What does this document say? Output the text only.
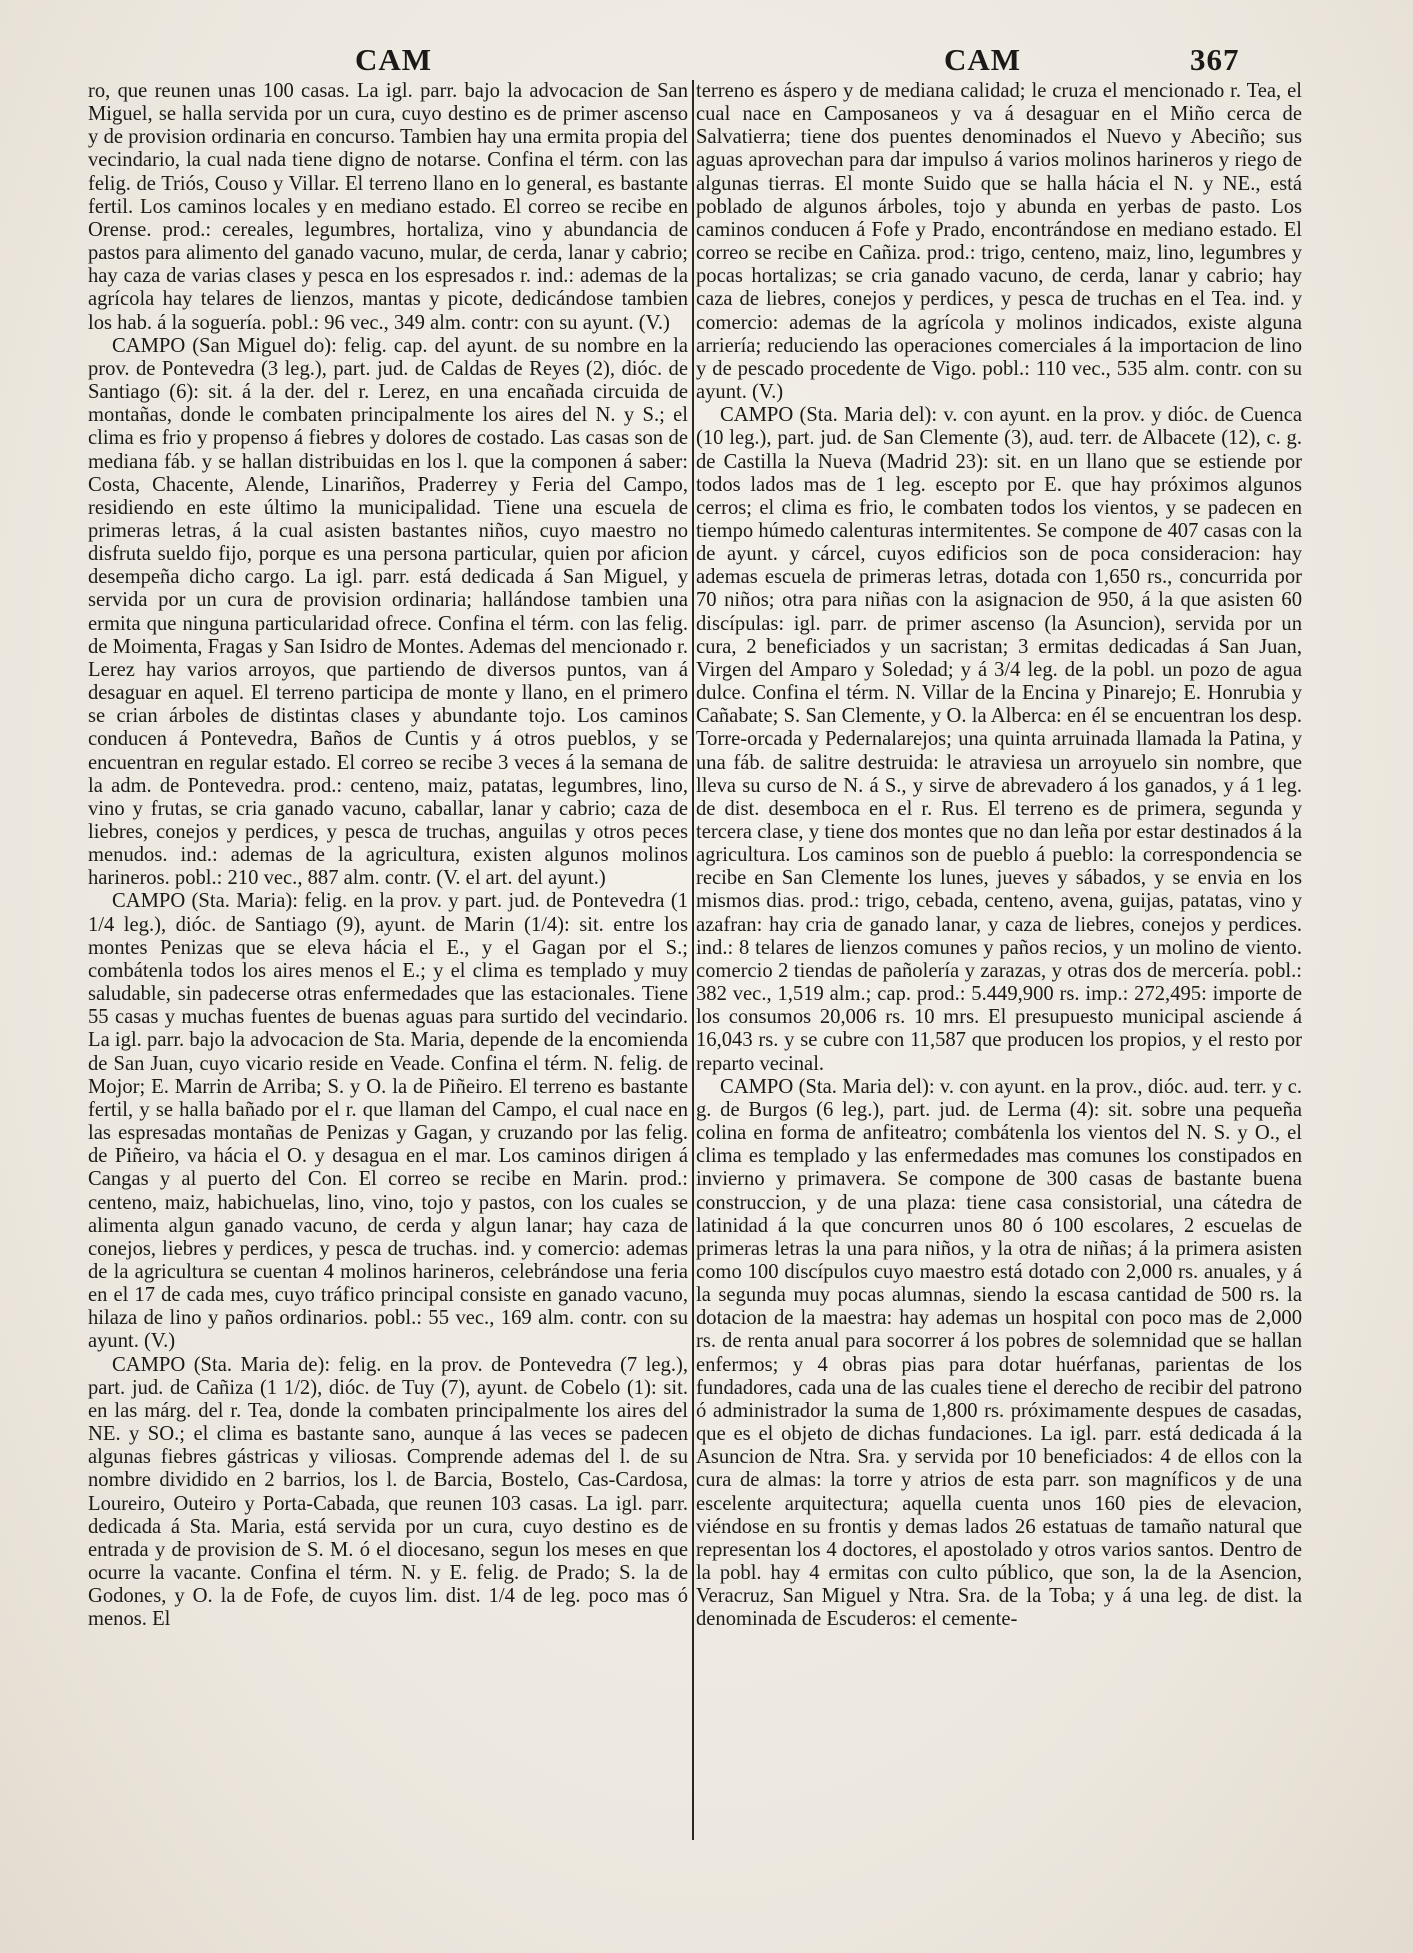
CAM	CAM	367

ro, que reunen unas 100 casas. La igl. parr. bajo la advocacion de San Miguel, se halla servida por un cura, cuyo destino es de primer ascenso y de provision ordinaria en concurso. Tambien hay una ermita propia del vecindario, la cual nada tiene digno de notarse. Confina el térm. con las felig. de Triós, Couso y Villar. El terreno llano en lo general, es bastante fertil. Los caminos locales y en mediano estado. El correo se recibe en Orense. prod.: cereales, legumbres, hortaliza, vino y abundancia de pastos para alimento del ganado vacuno, mular, de cerda, lanar y cabrio; hay caza de varias clases y pesca en los espresados r. ind.: ademas de la agrícola hay telares de lienzos, mantas y picote, dedicándose tambien los hab. á la soguería. pobl.: 96 vec., 349 alm. contr: con su ayunt. (V.)

CAMPO (San Miguel do): felig. cap. del ayunt. de su nombre en la prov. de Pontevedra (3 leg.), part. jud. de Caldas de Reyes (2), dióc. de Santiago (6): sit. á la der. del r. Lerez, en una encañada circuida de montañas, donde le combaten principalmente los aires del N. y S.; el clima es frio y propenso á fiebres y dolores de costado. Las casas son de mediana fáb. y se hallan distribuidas en los l. que la componen á saber: Costa, Chacente, Alende, Linariños, Praderrey y Feria del Campo, residiendo en este último la municipalidad. Tiene una escuela de primeras letras, á la cual asisten bastantes niños, cuyo maestro no disfruta sueldo fijo, porque es una persona particular, quien por aficion desempeña dicho cargo. La igl. parr. está dedicada á San Miguel, y servida por un cura de provision ordinaria; hallándose tambien una ermita que ninguna particularidad ofrece. Confina el térm. con las felig. de Moimenta, Fragas y San Isidro de Montes. Ademas del mencionado r. Lerez hay varios arroyos, que partiendo de diversos puntos, van á desaguar en aquel. El terreno participa de monte y llano, en el primero se crian árboles de distintas clases y abundante tojo. Los caminos conducen á Pontevedra, Baños de Cuntis y á otros pueblos, y se encuentran en regular estado. El correo se recibe 3 veces á la semana de la adm. de Pontevedra. prod.: centeno, maiz, patatas, legumbres, lino, vino y frutas, se cria ganado vacuno, caballar, lanar y cabrio; caza de liebres, conejos y perdices, y pesca de truchas, anguilas y otros peces menudos. ind.: ademas de la agricultura, existen algunos molinos harineros. pobl.: 210 vec., 887 alm. contr. (V. el art. del ayunt.)

CAMPO (Sta. Maria): felig. en la prov. y part. jud. de Pontevedra (1 1/4 leg.), dióc. de Santiago (9), ayunt. de Marin (1/4): sit. entre los montes Penizas que se eleva hácia el E., y el Gagan por el S.; combátenla todos los aires menos el E.; y el clima es templado y muy saludable, sin padecerse otras enfermedades que las estacionales. Tiene 55 casas y muchas fuentes de buenas aguas para surtido del vecindario. La igl. parr. bajo la advocacion de Sta. Maria, depende de la encomienda de San Juan, cuyo vicario reside en Veade. Confina el térm. N. felig. de Mojor; E. Marrin de Arriba; S. y O. la de Piñeiro. El terreno es bastante fertil, y se halla bañado por el r. que llaman del Campo, el cual nace en las espresadas montañas de Penizas y Gagan, y cruzando por las felig. de Piñeiro, va hácia el O. y desagua en el mar. Los caminos dirigen á Cangas y al puerto del Con. El correo se recibe en Marin. prod.: centeno, maiz, habichuelas, lino, vino, tojo y pastos, con los cuales se alimenta algun ganado vacuno, de cerda y algun lanar; hay caza de conejos, liebres y perdices, y pesca de truchas. ind. y comercio: ademas de la agricultura se cuentan 4 molinos harineros, celebrándose una feria en el 17 de cada mes, cuyo tráfico principal consiste en ganado vacuno, hilaza de lino y paños ordinarios. pobl.: 55 vec., 169 alm. contr. con su ayunt. (V.)

CAMPO (Sta. Maria de): felig. en la prov. de Pontevedra (7 leg.), part. jud. de Cañiza (1 1/2), dióc. de Tuy (7), ayunt. de Cobelo (1): sit. en las márg. del r. Tea, donde la combaten principalmente los aires del NE. y SO.; el clima es bastante sano, aunque á las veces se padecen algunas fiebres gástricas y viliosas. Comprende ademas del l. de su nombre dividido en 2 barrios, los l. de Barcia, Bostelo, Cas-Cardosa, Loureiro, Outeiro y Porta-Cabada, que reunen 103 casas. La igl. parr. dedicada á Sta. Maria, está servida por un cura, cuyo destino es de entrada y de provision de S. M. ó el diocesano, segun los meses en que ocurre la vacante. Confina el térm. N. y E. felig. de Prado; S. la de Godones, y O. la de Fofe, de cuyos lim. dist. 1/4 de leg. poco mas ó menos. El

terreno es áspero y de mediana calidad; le cruza el mencionado r. Tea, el cual nace en Camposaneos y va á desaguar en el Miño cerca de Salvatierra; tiene dos puentes denominados el Nuevo y Abeciño; sus aguas aprovechan para dar impulso á varios molinos harineros y riego de algunas tierras. El monte Suido que se halla hácia el N. y NE., está poblado de algunos árboles, tojo y abunda en yerbas de pasto. Los caminos conducen á Fofe y Prado, encontrándose en mediano estado. El correo se recibe en Cañiza. prod.: trigo, centeno, maiz, lino, legumbres y pocas hortalizas; se cria ganado vacuno, de cerda, lanar y cabrio; hay caza de liebres, conejos y perdices, y pesca de truchas en el Tea. ind. y comercio: ademas de la agrícola y molinos indicados, existe alguna arriería; reduciendo las operaciones comerciales á la importacion de lino y de pescado procedente de Vigo. pobl.: 110 vec., 535 alm. contr. con su ayunt. (V.)

CAMPO (Sta. Maria del): v. con ayunt. en la prov. y dióc. de Cuenca (10 leg.), part. jud. de San Clemente (3), aud. terr. de Albacete (12), c. g. de Castilla la Nueva (Madrid 23): sit. en un llano que se estiende por todos lados mas de 1 leg. escepto por E. que hay próximos algunos cerros; el clima es frio, le combaten todos los vientos, y se padecen en tiempo húmedo calenturas intermitentes. Se compone de 407 casas con la de ayunt. y cárcel, cuyos edificios son de poca consideracion: hay ademas escuela de primeras letras, dotada con 1,650 rs., concurrida por 70 niños; otra para niñas con la asignacion de 950, á la que asisten 60 discípulas: igl. parr. de primer ascenso (la Asuncion), servida por un cura, 2 beneficiados y un sacristan; 3 ermitas dedicadas á San Juan, Virgen del Amparo y Soledad; y á 3/4 leg. de la pobl. un pozo de agua dulce. Confina el térm. N. Villar de la Encina y Pinarejo; E. Honrubia y Cañabate; S. San Clemente, y O. la Alberca: en él se encuentran los desp. Torre-orcada y Pedernalarejos; una quinta arruinada llamada la Patina, y una fáb. de salitre destruida: le atraviesa un arroyuelo sin nombre, que lleva su curso de N. á S., y sirve de abrevadero á los ganados, y á 1 leg. de dist. desemboca en el r. Rus. El terreno es de primera, segunda y tercera clase, y tiene dos montes que no dan leña por estar destinados á la agricultura. Los caminos son de pueblo á pueblo: la correspondencia se recibe en San Clemente los lunes, jueves y sábados, y se envia en los mismos dias. prod.: trigo, cebada, centeno, avena, guijas, patatas, vino y azafran: hay cria de ganado lanar, y caza de liebres, conejos y perdices. ind.: 8 telares de lienzos comunes y paños recios, y un molino de viento. comercio 2 tiendas de pañolería y zarazas, y otras dos de mercería. pobl.: 382 vec., 1,519 alm.; cap. prod.: 5.449,900 rs. imp.: 272,495: importe de los consumos 20,006 rs. 10 mrs. El presupuesto municipal asciende á 16,043 rs. y se cubre con 11,587 que producen los propios, y el resto por reparto vecinal.

CAMPO (Sta. Maria del): v. con ayunt. en la prov., dióc. aud. terr. y c. g. de Burgos (6 leg.), part. jud. de Lerma (4): sit. sobre una pequeña colina en forma de anfiteatro; combátenla los vientos del N. S. y O., el clima es templado y las enfermedades mas comunes los constipados en invierno y primavera. Se compone de 300 casas de bastante buena construccion, y de una plaza: tiene casa consistorial, una cátedra de latinidad á la que concurren unos 80 ó 100 escolares, 2 escuelas de primeras letras la una para niños, y la otra de niñas; á la primera asisten como 100 discípulos cuyo maestro está dotado con 2,000 rs. anuales, y á la segunda muy pocas alumnas, siendo la escasa cantidad de 500 rs. la dotacion de la maestra: hay ademas un hospital con poco mas de 2,000 rs. de renta anual para socorrer á los pobres de solemnidad que se hallan enfermos; y 4 obras pias para dotar huérfanas, parientas de los fundadores, cada una de las cuales tiene el derecho de recibir del patrono ó administrador la suma de 1,800 rs. próximamente despues de casadas, que es el objeto de dichas fundaciones. La igl. parr. está dedicada á la Asuncion de Ntra. Sra. y servida por 10 beneficiados: 4 de ellos con la cura de almas: la torre y atrios de esta parr. son magníficos y de una escelente arquitectura; aquella cuenta unos 160 pies de elevacion, viéndose en su frontis y demas lados 26 estatuas de tamaño natural que representan los 4 doctores, el apostolado y otros varios santos. Dentro de la pobl. hay 4 ermitas con culto público, que son, la de la Asencion, Veracruz, San Miguel y Ntra. Sra. de la Toba; y á una leg. de dist. la denominada de Escuderos: el cemente-
